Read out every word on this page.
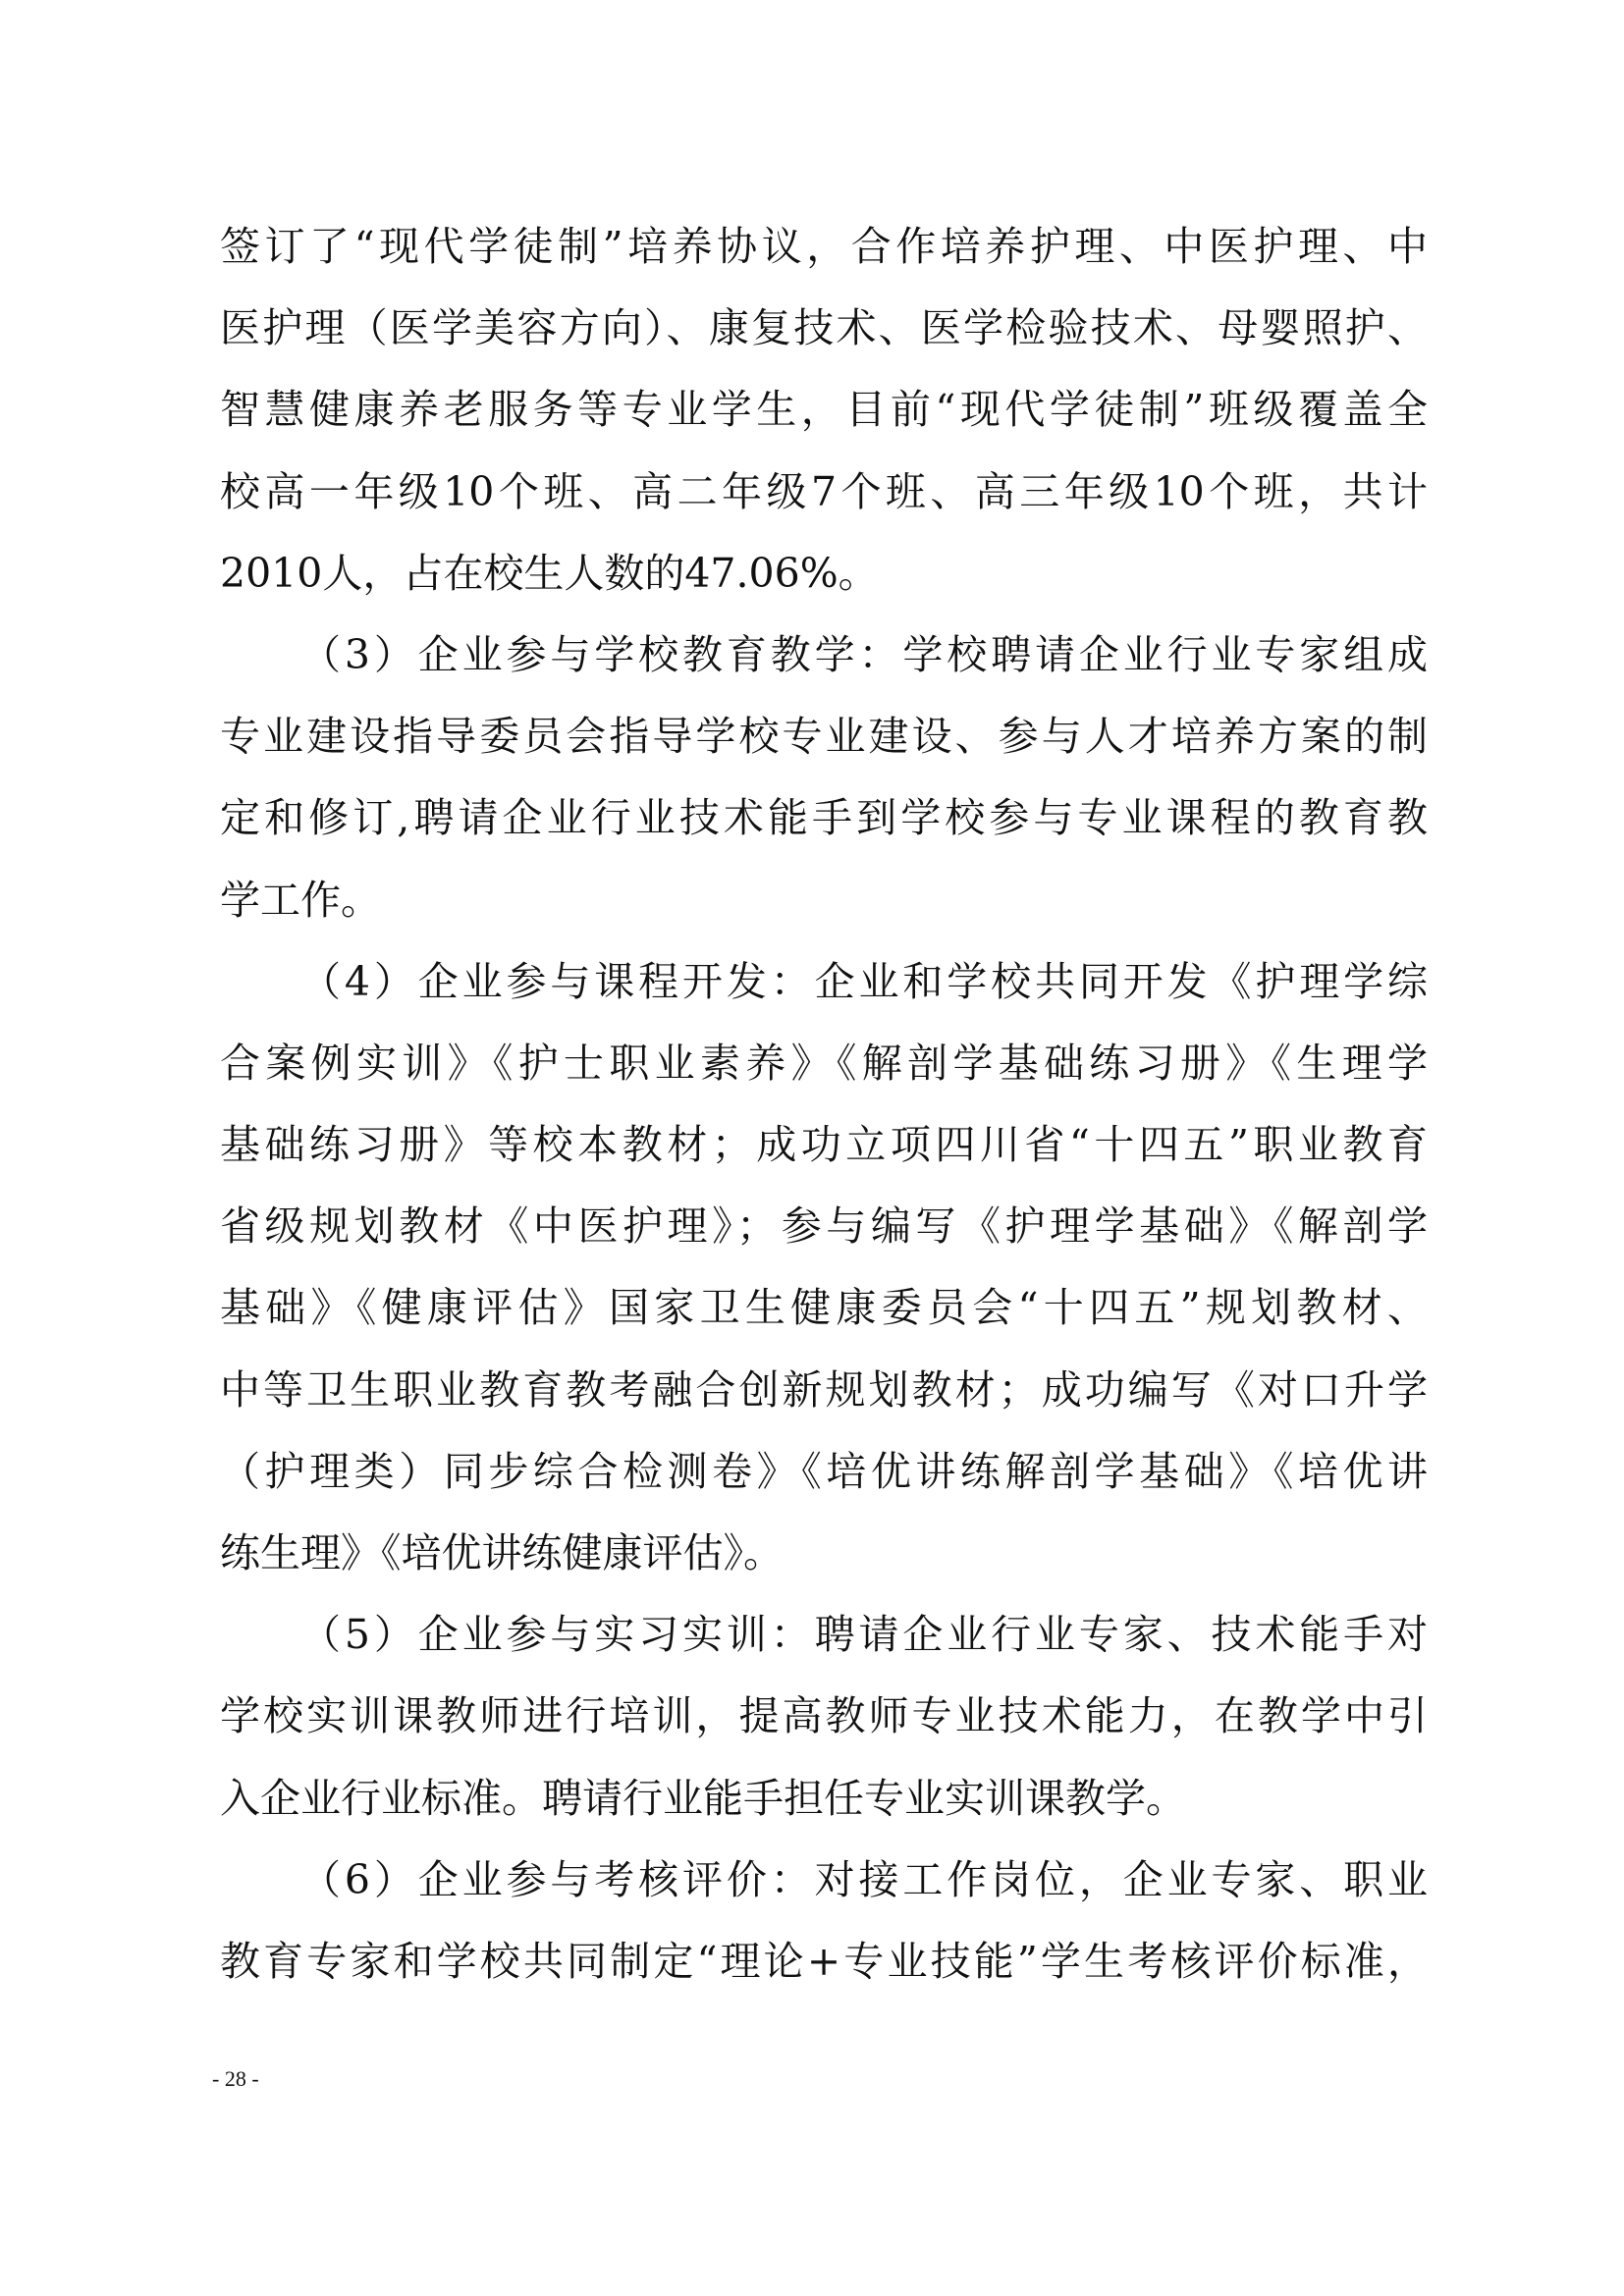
签订了“现代学徒制”培养协议，合作培养护理、中医护理、中
医护理（医学美容方向）、康复技术、医学检验技术、母婴照护、
智慧健康养老服务等专业学生，目前“现代学徒制”班级覆盖全
校高一年级10个班、高二年级7个班、高三年级10个班，共计
2010人，占在校生人数的47.06%。
（3）企业参与学校教育教学：学校聘请企业行业专家组成
专业建设指导委员会指导学校专业建设、参与人才培养方案的制
定和修订,聘请企业行业技术能手到学校参与专业课程的教育教
学工作。
（4）企业参与课程开发：企业和学校共同开发《护理学综
合案例实训》《护士职业素养》《解剖学基础练习册》《生理学
基础练习册》等校本教材；成功立项四川省“十四五”职业教育
省级规划教材《中医护理》；参与编写《护理学基础》《解剖学
基础》《健康评估》国家卫生健康委员会“十四五”规划教材、
中等卫生职业教育教考融合创新规划教材；成功编写《对口升学
（护理类）同步综合检测卷》《培优讲练解剖学基础》《培优讲
练生理》《培优讲练健康评估》。
（5）企业参与实习实训：聘请企业行业专家、技术能手对
学校实训课教师进行培训，提高教师专业技术能力，在教学中引
入企业行业标准。聘请行业能手担任专业实训课教学。
（6）企业参与考核评价：对接工作岗位，企业专家、职业
教育专家和学校共同制定“理论+专业技能”学生考核评价标准，
- 28 -
